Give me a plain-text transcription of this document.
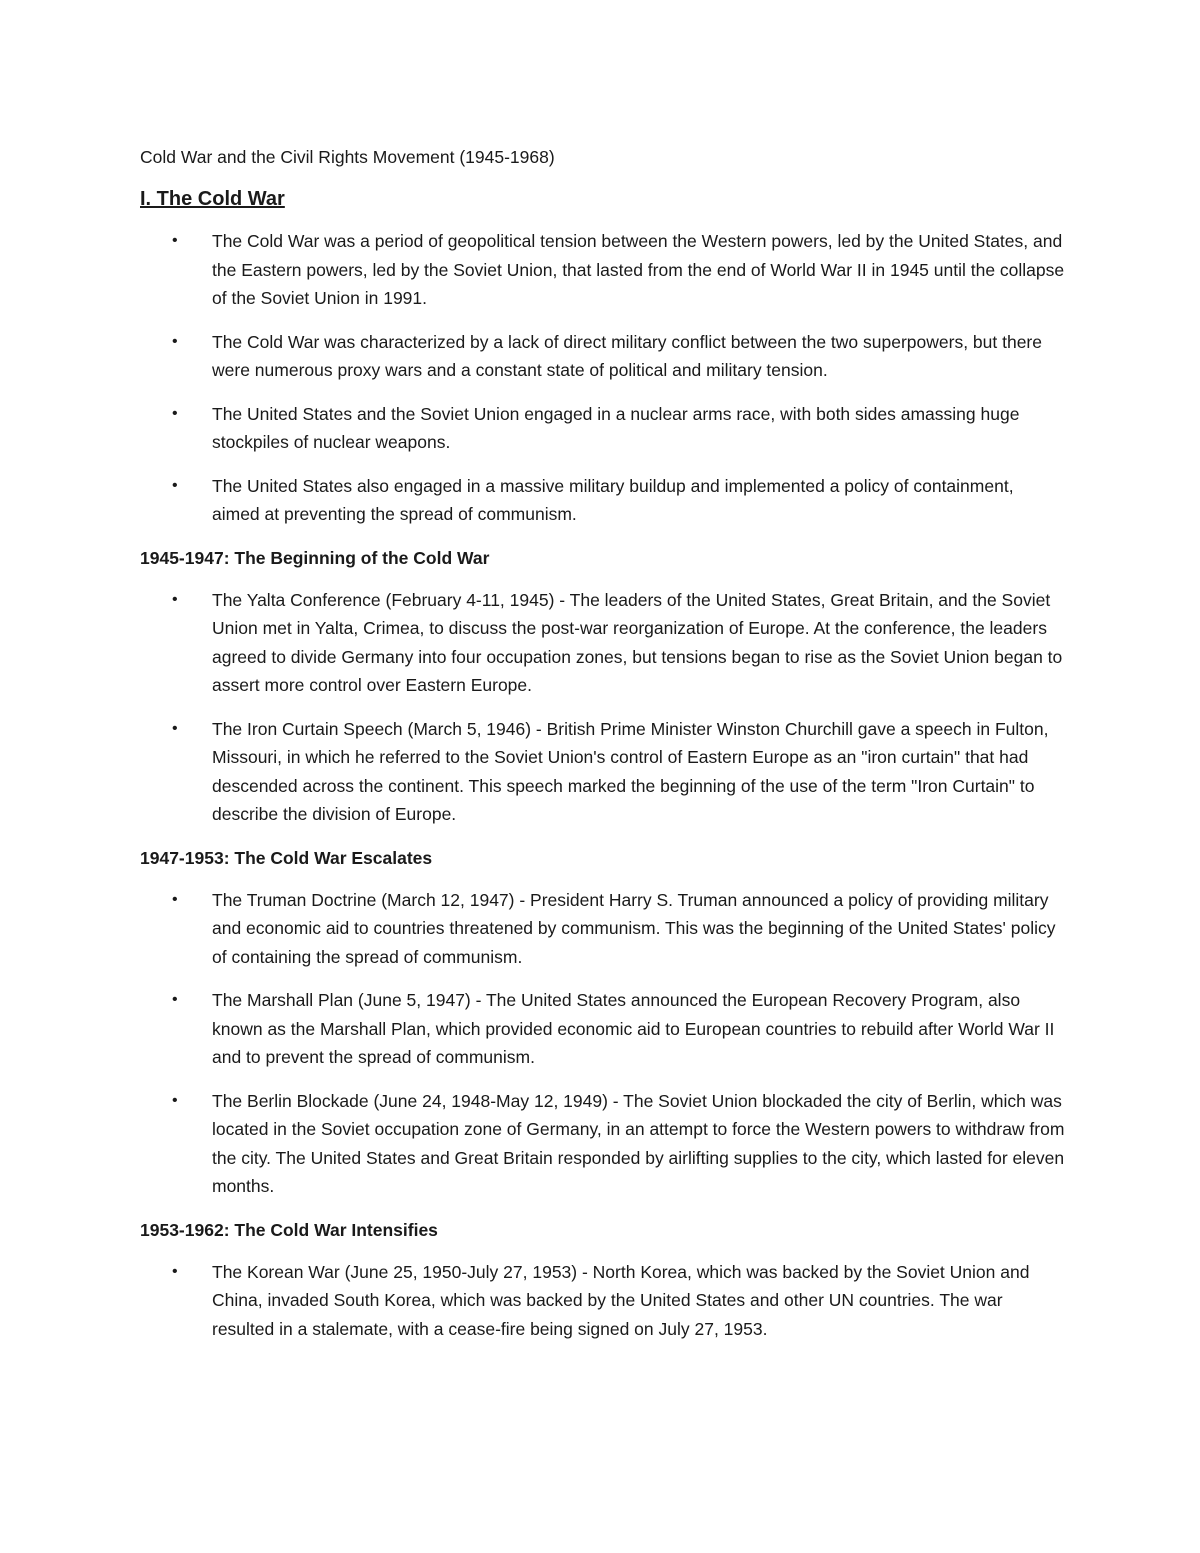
Cold War and the Civil Rights Movement (1945-1968)
I. The Cold War
• The Cold War was a period of geopolitical tension between the Western powers, led by the United States, and the Eastern powers, led by the Soviet Union, that lasted from the end of World War II in 1945 until the collapse of the Soviet Union in 1991.
• The Cold War was characterized by a lack of direct military conflict between the two superpowers, but there were numerous proxy wars and a constant state of political and military tension.
• The United States and the Soviet Union engaged in a nuclear arms race, with both sides amassing huge stockpiles of nuclear weapons.
• The United States also engaged in a massive military buildup and implemented a policy of containment, aimed at preventing the spread of communism.
1945-1947: The Beginning of the Cold War
• The Yalta Conference (February 4-11, 1945) - The leaders of the United States, Great Britain, and the Soviet Union met in Yalta, Crimea, to discuss the post-war reorganization of Europe. At the conference, the leaders agreed to divide Germany into four occupation zones, but tensions began to rise as the Soviet Union began to assert more control over Eastern Europe.
• The Iron Curtain Speech (March 5, 1946) - British Prime Minister Winston Churchill gave a speech in Fulton, Missouri, in which he referred to the Soviet Union's control of Eastern Europe as an "iron curtain" that had descended across the continent. This speech marked the beginning of the use of the term "Iron Curtain" to describe the division of Europe.
1947-1953: The Cold War Escalates
• The Truman Doctrine (March 12, 1947) - President Harry S. Truman announced a policy of providing military and economic aid to countries threatened by communism. This was the beginning of the United States' policy of containing the spread of communism.
• The Marshall Plan (June 5, 1947) - The United States announced the European Recovery Program, also known as the Marshall Plan, which provided economic aid to European countries to rebuild after World War II and to prevent the spread of communism.
• The Berlin Blockade (June 24, 1948-May 12, 1949) - The Soviet Union blockaded the city of Berlin, which was located in the Soviet occupation zone of Germany, in an attempt to force the Western powers to withdraw from the city. The United States and Great Britain responded by airlifting supplies to the city, which lasted for eleven months.
1953-1962: The Cold War Intensifies
• The Korean War (June 25, 1950-July 27, 1953) - North Korea, which was backed by the Soviet Union and China, invaded South Korea, which was backed by the United States and other UN countries. The war resulted in a stalemate, with a cease-fire being signed on July 27, 1953.
